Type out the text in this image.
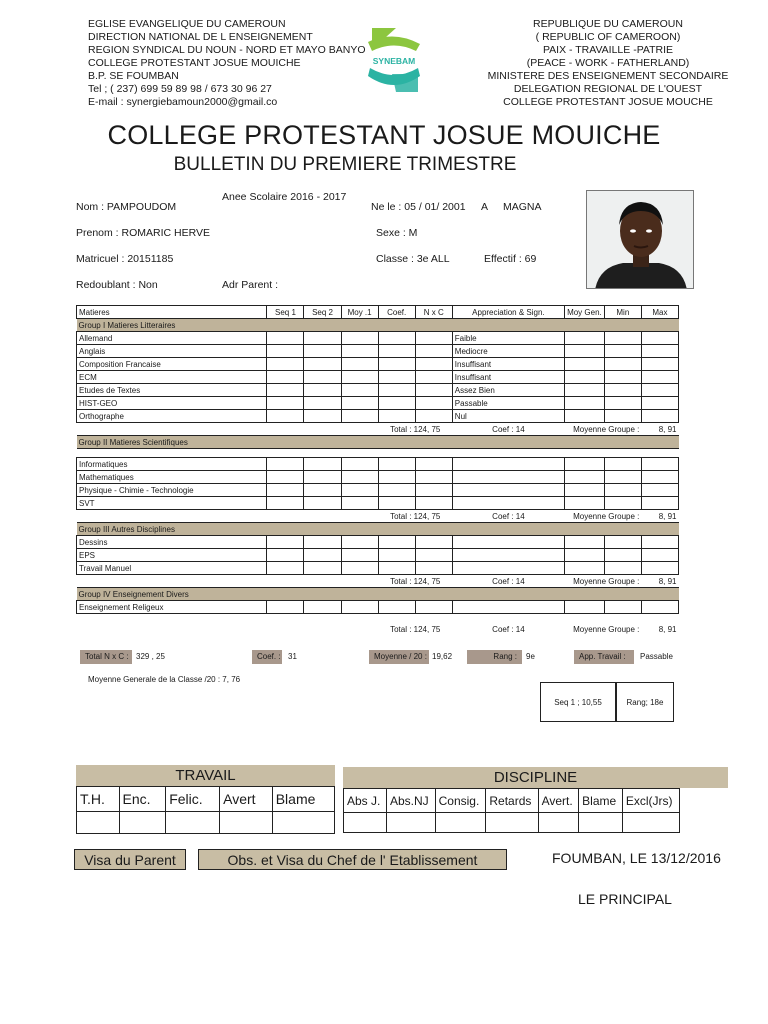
EGLISE EVANGELIQUE DU CAMEROUN
DIRECTION NATIONAL DE L ENSEIGNEMENT
REGION SYNDICAL DU NOUN - NORD ET MAYO BANYO
COLLEGE PROTESTANT JOSUE MOUICHE
B.P. SE FOUMBAN
Tel ; ( 237) 699 59 89 98 / 673 30 96 27
E-mail : synergiebamoun2000@gmail.co
SYNEBAM
REPUBLIQUE DU CAMEROUN
( REPUBLIC OF CAMEROON)
PAIX - TRAVAILLE -PATRIE
(PEACE - WORK - FATHERLAND)
MINISTERE DES ENSEIGNEMENT SECONDAIRE
DELEGATION REGIONAL DE L'OUEST
COLLEGE PROTESTANT JOSUE MOUCHE
COLLEGE PROTESTANT JOSUE MOUICHE
BULLETIN DU PREMIERE TRIMESTRE
Anee Scolaire 2016 - 2017
Nom : PAMPOUDOM	Ne le : 05 / 01/ 2001 A MAGNA
Prenom : ROMARIC HERVE	Sexe : M
Matricuel : 20151185	Classe : 3e ALL	Effectif : 69
Redoublant : Non	Adr Parent :
Matieres	Seq 1	Seq 2	Moy .1	Coef.	N x C	Appreciation & Sign.	Moy Gen.	Min	Max
Group I Matieres Litteraires									
Allemand						Faible			
Anglais						Mediocre			
Composition Francaise						Insuffisant			
ECM						Insuffisant			
Etudes de Textes						Assez Bien			
HIST-GEO						Passable			
Orthographe						Nul			
				Total : 124, 75		Coef : 14	Moyenne Groupe :		8, 91
Group II Matieres Scientifiques									

Informatiques									
Mathematiques									
Physique - Chimie - Technologie									
SVT									
				Total : 124, 75		Coef : 14	Moyenne Groupe :		8, 91
Group III Autres Disciplines									
Dessins									
EPS									
Travail Manuel									
				Total : 124, 75		Coef : 14	Moyenne Groupe :		8, 91
Group IV Enseignement Divers									
Enseignement Religeux									

				Total : 124, 75		Coef : 14	Moyenne Groupe :		8, 91
Total N x C : 329 , 25	Coef. : 31	Moyenne / 20 : 19,62	Rang :	9e	App. Travail :	Passable
Moyenne Generale de la Classe /20 : 7, 76
Seq 1 ; 10,55	Rang; 18e
TRAVAIL
T.H.	Enc.	Felic.	Avert	Blame

DISCIPLINE
Abs J.	Abs.NJ	Consig.	Retards	Avert.	Blame	Excl(Jrs)

Visa du Parent	Obs. et Visa du Chef de l' Etablissement	FOUMBAN, LE 13/12/2016
LE PRINCIPAL
